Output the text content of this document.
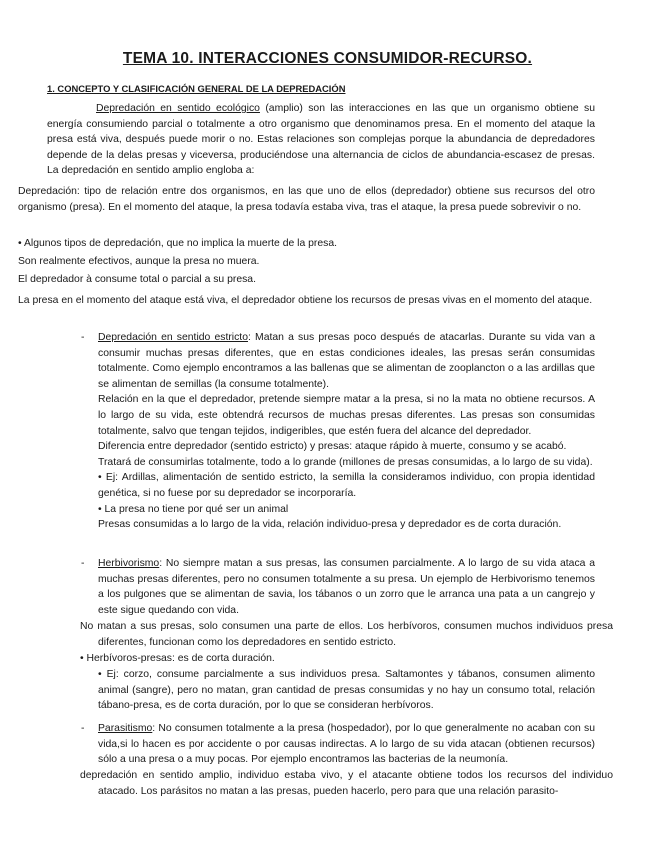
TEMA 10. INTERACCIONES CONSUMIDOR-RECURSO.
1. CONCEPTO Y CLASIFICACIÓN GENERAL DE LA DEPREDACIÓN

Depredación en sentido ecológico (amplio) son las interacciones en las que un organismo obtiene su energía consumiendo parcial o totalmente a otro organismo que denominamos presa. En el momento del ataque la presa está viva, después puede morir o no. Estas relaciones son complejas porque la abundancia de depredadores depende de la delas presas y viceversa, produciéndose una alternancia de ciclos de abundancia-escasez de presas. La depredación en sentido amplio engloba a:

Depredación: tipo de relación entre dos organismos, en las que uno de ellos (depredador) obtiene sus recursos del otro organismo (presa). En el momento del ataque, la presa todavía estaba viva, tras el ataque, la presa puede sobrevivir o no.

• Algunos tipos de depredación, que no implica la muerte de la presa.

Son realmente efectivos, aunque la presa no muera.

El depredador à consume total o parcial a su presa.

La presa en el momento del ataque está viva, el depredador obtiene los recursos de presas vivas en el momento del ataque.

-	Depredación en sentido estricto: Matan a sus presas poco después de atacarlas. Durante su vida van a consumir muchas presas diferentes, que en estas condiciones ideales, las presas serán consumidas totalmente. Como ejemplo encontramos a las ballenas que se alimentan de zooplancton o a las ardillas que se alimentan de semillas (la consume totalmente).
Relación en la que el depredador, pretende siempre matar a la presa, si no la mata no obtiene recursos. A lo largo de su vida, este obtendrá recursos de muchas presas diferentes. Las presas son consumidas totalmente, salvo que tengan tejidos, indigeribles, que estén fuera del alcance del depredador.
Diferencia entre depredador (sentido estricto) y presas: ataque rápido à muerte, consumo y se acabó.
Tratará de consumirlas totalmente, todo a lo grande (millones de presas consumidas, a lo largo de su vida).
• Ej: Ardillas, alimentación de sentido estricto, la semilla la consideramos individuo, con propia identidad genética, si no fuese por su depredador se incorporaría.
• La presa no tiene por qué ser un animal
Presas consumidas a lo largo de la vida, relación individuo-presa y depredador es de corta duración.
-	Herbivorismo: No siempre matan a sus presas, las consumen parcialmente. A lo largo de su vida ataca a muchas presas diferentes, pero no consumen totalmente a su presa. Un ejemplo de Herbivorismo tenemos a los pulgones que se alimentan de savia, los tábanos o un zorro que le arranca una pata a un cangrejo y este sigue quedando con vida.

No matan a sus presas, solo consumen una parte de ellos. Los herbívoros, consumen muchos individuos presa diferentes, funcionan como los depredadores en sentido estricto.

• Herbívoros-presas: es de corta duración.

• Ej: corzo, consume parcialmente a sus individuos presa. Saltamontes y tábanos, consumen alimento animal (sangre), pero no matan, gran cantidad de presas consumidas y no hay un consumo total, relación tábano-presa, es de corta duración, por lo que se consideran herbívoros.

-	Parasitismo: No consumen totalmente a la presa (hospedador), por lo que generalmente no acaban con su vida,si lo hacen es por accidente o por causas indirectas. A lo largo de su vida atacan (obtienen recursos) sólo a una presa o a muy pocas. Por ejemplo encontramos las bacterias de la neumonía.

depredación en sentido amplio, individuo estaba vivo, y el atacante obtiene todos los recursos del individuo atacado. Los parásitos no matan a las presas, pueden hacerlo, pero para que una relación parasito-
